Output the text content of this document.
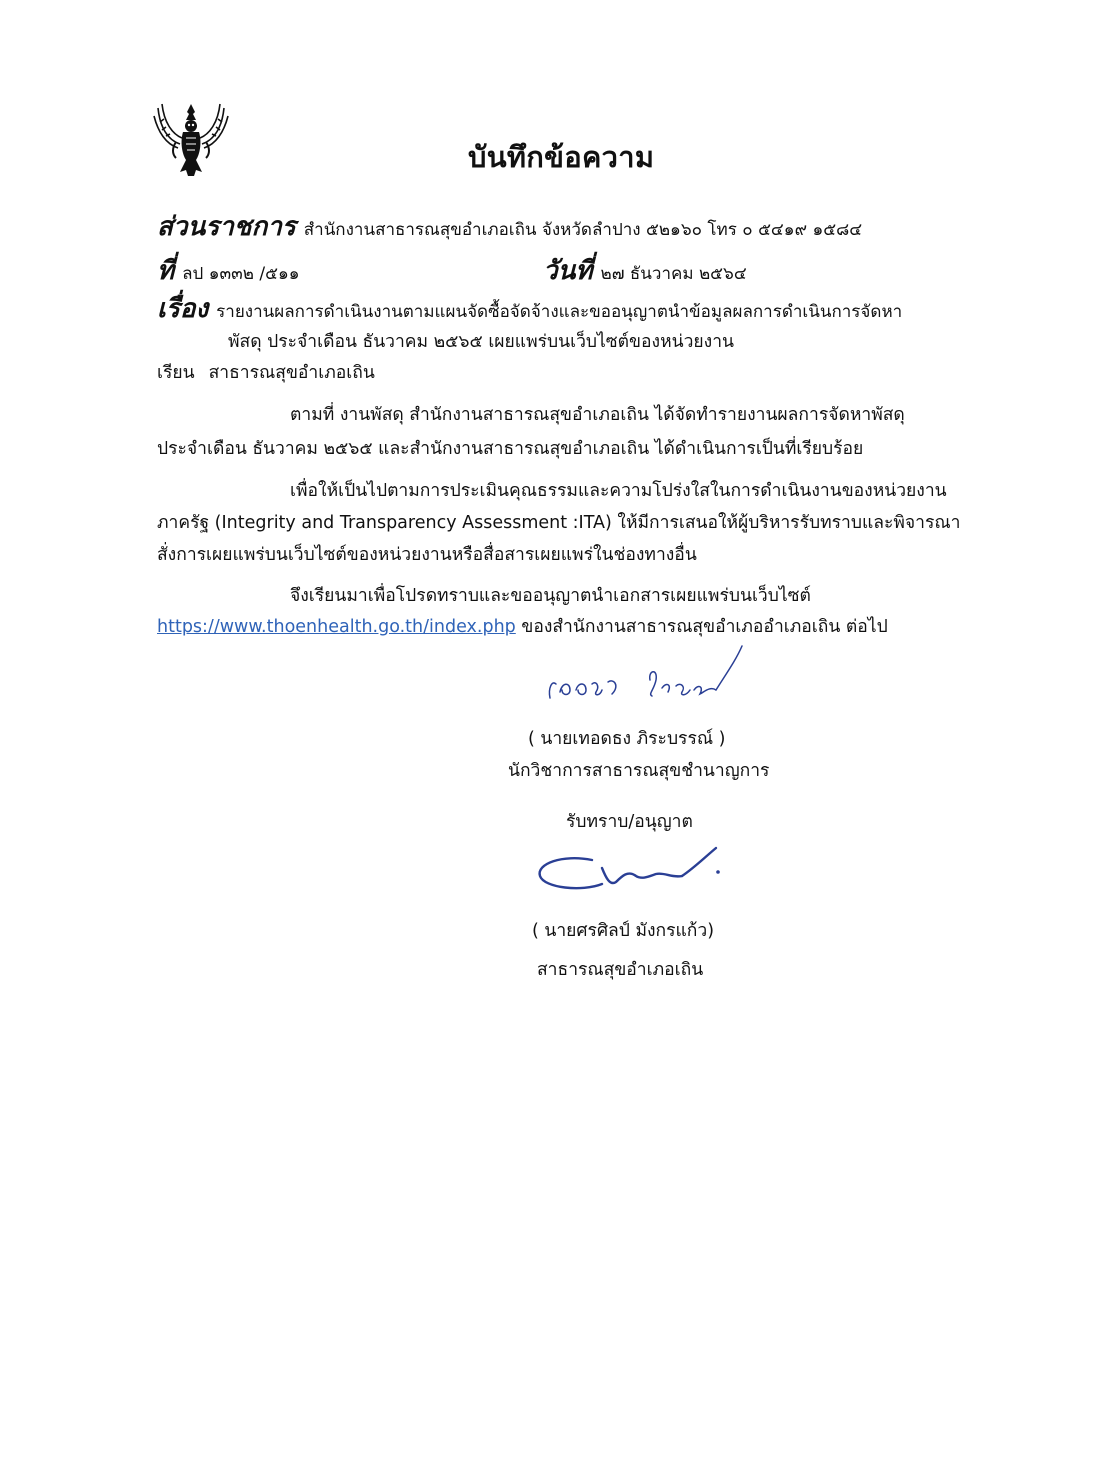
บันทึกข้อความ
ส่วนราชการ สำนักงานสาธารณสุขอำเภอเถิน จังหวัดลำปาง ๕๒๑๖๐ โทร ๐ ๕๔๑๙ ๑๕๘๔
ที่ลป ๑๓๓๒ /๕๑๑	วันที่ ๒๗ ธันวาคม ๒๕๖๔
เรื่อง รายงานผลการดำเนินงานตามแผนจัดซื้อจัดจ้างและขออนุญาตนำข้อมูลผลการดำเนินการจัดหา
พัสดุ ประจำเดือน ธันวาคม ๒๕๖๕ เผยแพร่บนเว็บไซต์ของหน่วยงาน
เรียน สาธารณสุขอำเภอเถิน
ตามที่ งานพัสดุ สำนักงานสาธารณสุขอำเภอเถิน ได้จัดทำรายงานผลการจัดหาพัสดุ
ประจำเดือน ธันวาคม ๒๕๖๕ และสำนักงานสาธารณสุขอำเภอเถิน ได้ดำเนินการเป็นที่เรียบร้อย
เพื่อให้เป็นไปตามการประเมินคุณธรรมและความโปร่งใสในการดำเนินงานของหน่วยงาน
ภาครัฐ (Integrity and Transparency Assessment :ITA) ให้มีการเสนอให้ผู้บริหารรับทราบและพิจารณา
สั่งการเผยแพร่บนเว็บไซต์ของหน่วยงานหรือสื่อสารเผยแพร่ในช่องทางอื่น
จึงเรียนมาเพื่อโปรดทราบและขออนุญาตนำเอกสารเผยแพร่บนเว็บไซต์
https://www.thoenhealth.go.th/index.php ของสำนักงานสาธารณสุขอำเภออำเภอเถิน ต่อไป
( นายเทอดธง ภิระบรรณ์ )
นักวิชาการสาธารณสุขชำนาญการ
รับทราบ/อนุญาต
( นายศรศิลป์ มังกรแก้ว)
สาธารณสุขอำเภอเถิน
